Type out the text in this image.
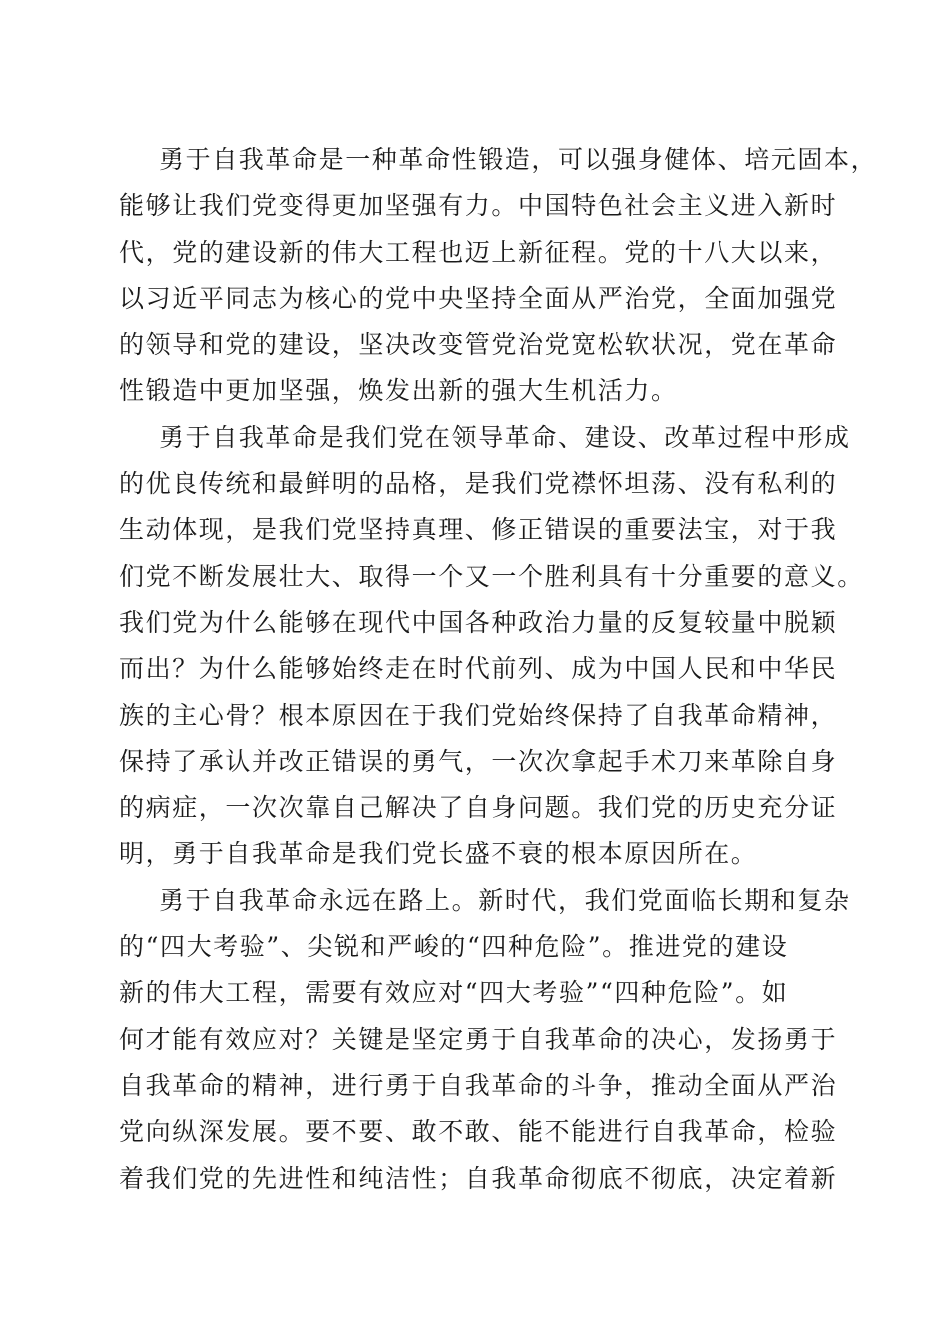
勇于自我革命是一种革命性锻造，可以强身健体、培元固本，
能够让我们党变得更加坚强有力。中国特色社会主义进入新时
代，党的建设新的伟大工程也迈上新征程。党的十八大以来，
以习近平同志为核心的党中央坚持全面从严治党，全面加强党
的领导和党的建设，坚决改变管党治党宽松软状况，党在革命
性锻造中更加坚强，焕发出新的强大生机活力。
勇于自我革命是我们党在领导革命、建设、改革过程中形成
的优良传统和最鲜明的品格，是我们党襟怀坦荡、没有私利的
生动体现，是我们党坚持真理、修正错误的重要法宝，对于我
们党不断发展壮大、取得一个又一个胜利具有十分重要的意义。
我们党为什么能够在现代中国各种政治力量的反复较量中脱颖
而出？为什么能够始终走在时代前列、成为中国人民和中华民
族的主心骨？根本原因在于我们党始终保持了自我革命精神，
保持了承认并改正错误的勇气，一次次拿起手术刀来革除自身
的病症，一次次靠自己解决了自身问题。我们党的历史充分证
明，勇于自我革命是我们党长盛不衰的根本原因所在。
勇于自我革命永远在路上。新时代，我们党面临长期和复杂
的“四大考验”、尖锐和严峻的“四种危险”。推进党的建设
新的伟大工程，需要有效应对“四大考验”“四种危险”。如
何才能有效应对？关键是坚定勇于自我革命的决心，发扬勇于
自我革命的精神，进行勇于自我革命的斗争，推动全面从严治
党向纵深发展。要不要、敢不敢、能不能进行自我革命，检验
着我们党的先进性和纯洁性；自我革命彻底不彻底，决定着新
